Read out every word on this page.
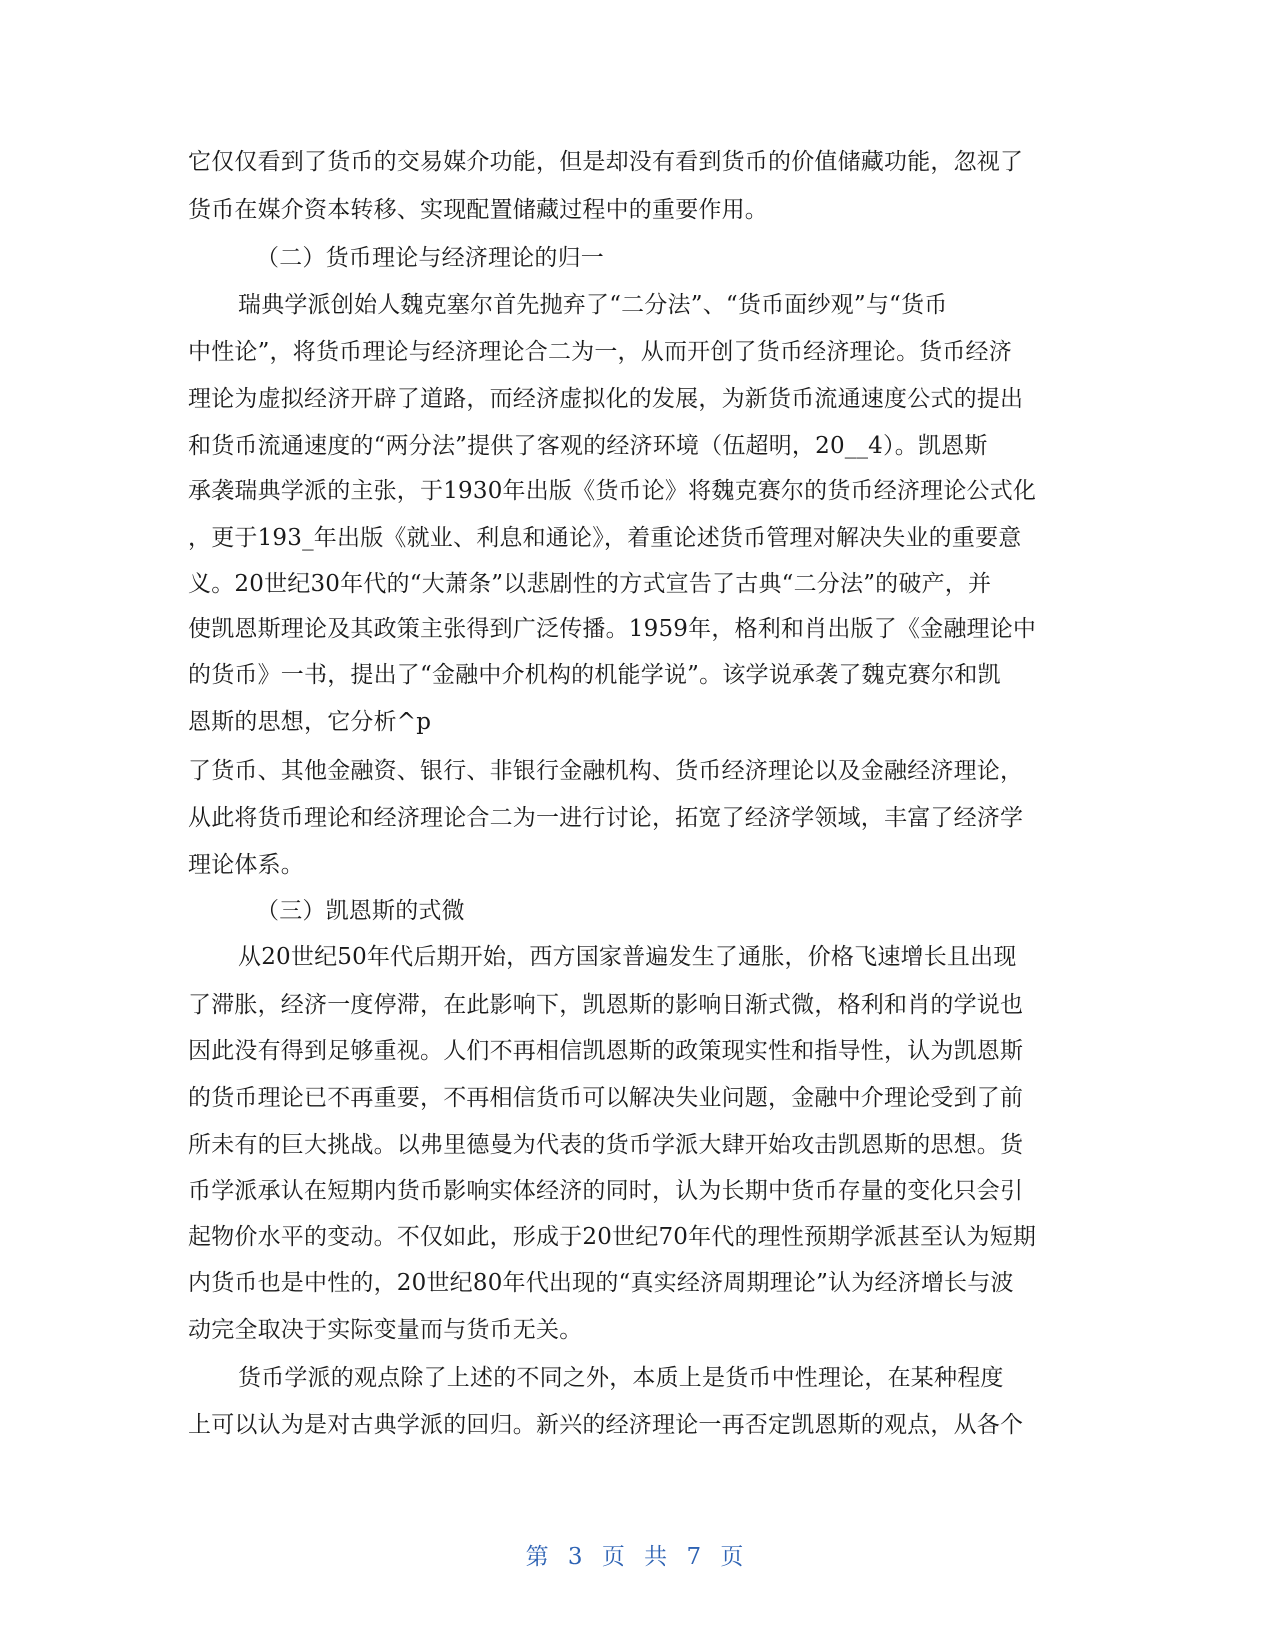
它仅仅看到了货币的交易媒介功能，但是却没有看到货币的价值储藏功能，忽视了
货币在媒介资本转移、实现配置储藏过程中的重要作用。
（二）货币理论与经济理论的归一
瑞典学派创始人魏克塞尔首先抛弃了“二分法”、“货币面纱观”与“货币
中性论”，将货币理论与经济理论合二为一，从而开创了货币经济理论。货币经济
理论为虚拟经济开辟了道路，而经济虚拟化的发展，为新货币流通速度公式的提出
和货币流通速度的“两分法”提供了客观的经济环境（伍超明，20__4）。凯恩斯
承袭瑞典学派的主张，于1930年出版《货币论》将魏克赛尔的货币经济理论公式化
，更于193_年出版《就业、利息和通论》，着重论述货币管理对解决失业的重要意
义。20世纪30年代的“大萧条”以悲剧性的方式宣告了古典“二分法”的破产，并
使凯恩斯理论及其政策主张得到广泛传播。1959年，格利和肖出版了《金融理论中
的货币》一书，提出了“金融中介机构的机能学说”。该学说承袭了魏克赛尔和凯
恩斯的思想，它分析^p
了货币、其他金融资、银行、非银行金融机构、货币经济理论以及金融经济理论，
从此将货币理论和经济理论合二为一进行讨论，拓宽了经济学领域，丰富了经济学
理论体系。
（三）凯恩斯的式微
从20世纪50年代后期开始，西方国家普遍发生了通胀，价格飞速增长且出现
了滞胀，经济一度停滞，在此影响下，凯恩斯的影响日渐式微，格利和肖的学说也
因此没有得到足够重视。人们不再相信凯恩斯的政策现实性和指导性，认为凯恩斯
的货币理论已不再重要，不再相信货币可以解决失业问题，金融中介理论受到了前
所未有的巨大挑战。以弗里德曼为代表的货币学派大肆开始攻击凯恩斯的思想。货
币学派承认在短期内货币影响实体经济的同时，认为长期中货币存量的变化只会引
起物价水平的变动。不仅如此，形成于20世纪70年代的理性预期学派甚至认为短期
内货币也是中性的，20世纪80年代出现的“真实经济周期理论”认为经济增长与波
动完全取决于实际变量而与货币无关。
货币学派的观点除了上述的不同之外，本质上是货币中性理论，在某种程度
上可以认为是对古典学派的回归。新兴的经济理论一再否定凯恩斯的观点，从各个
第 3 页 共 7 页
